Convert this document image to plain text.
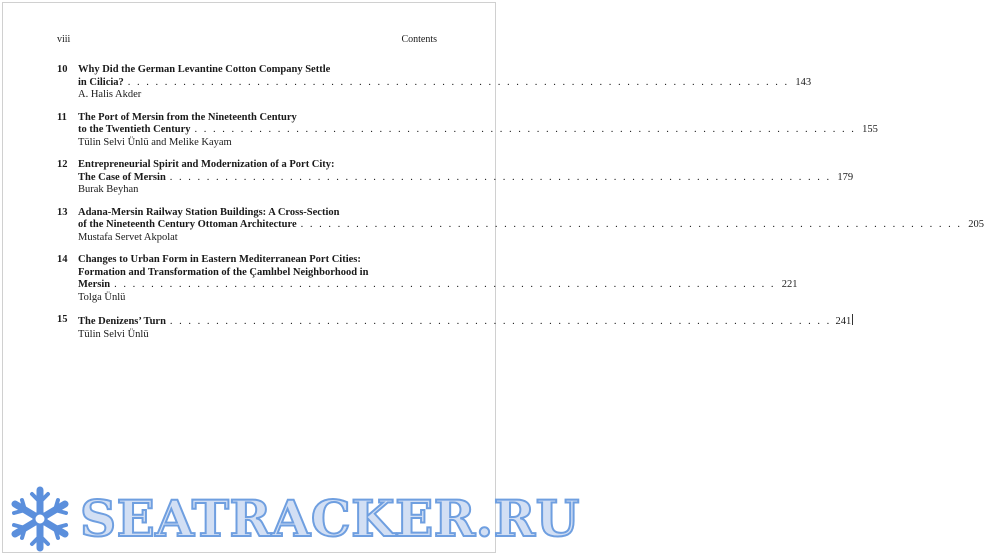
viii	Contents
10 Why Did the German Levantine Cotton Company Settle
in Cilicia? . . .	143
A. Halis Akder
11 The Port of Mersin from the Nineteenth Century
to the Twentieth Century . . .	155
Tülin Selvi Ünlü and Melike Kayam
12 Entrepreneurial Spirit and Modernization of a Port City:
The Case of Mersin . . .	179
Burak Beyhan
13 Adana-Mersin Railway Station Buildings: A Cross-Section
of the Nineteenth Century Ottoman Architecture . . .	205
Mustafa Servet Akpolat
14 Changes to Urban Form in Eastern Mediterranean Port Cities:
Formation and Transformation of the Çamlıbel Neighborhood in
Mersin . . .	221
Tolga Ünlü
15 The Denizens’ Turn . . .	241
Tülin Selvi Ünlü
SEATRACKER.RU
